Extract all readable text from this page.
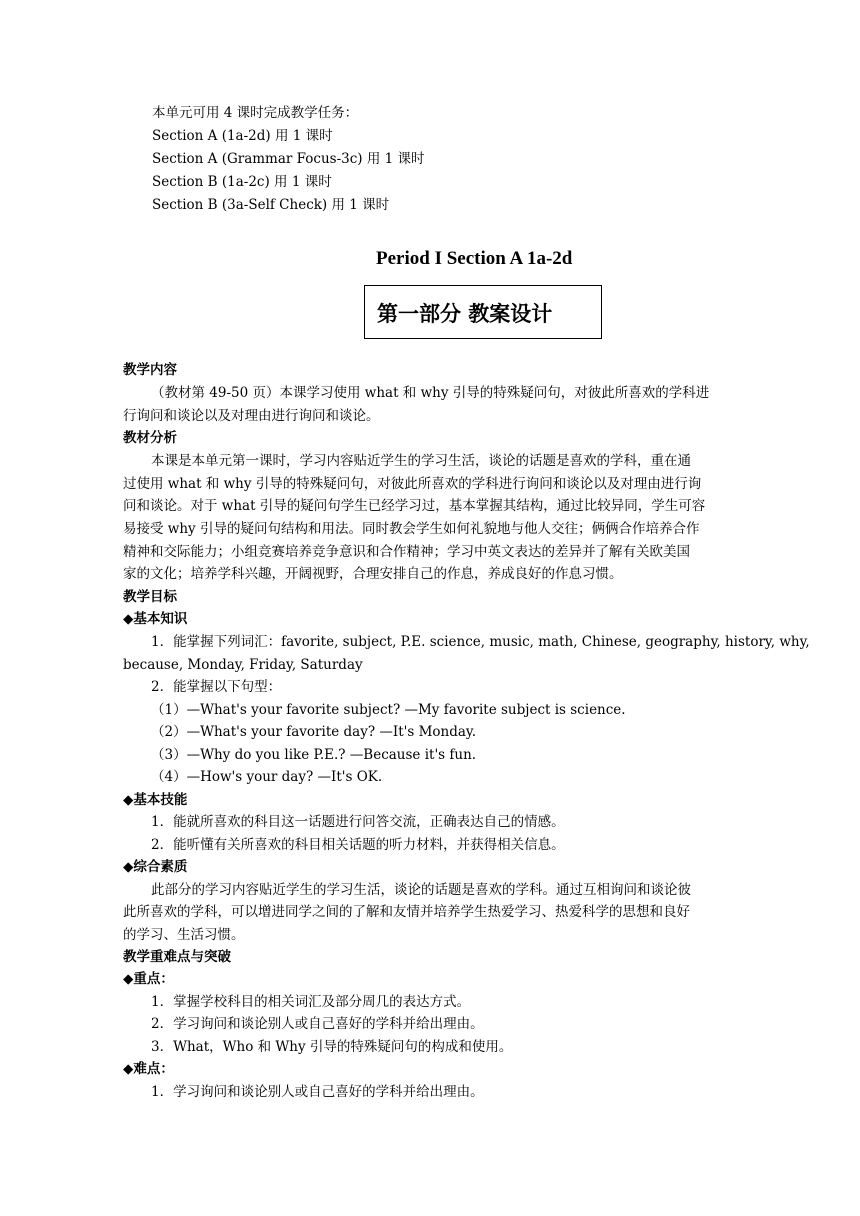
本单元可用 4 课时完成教学任务：
Section A (1a-2d) 用 1 课时
Section A (Grammar Focus-3c) 用 1 课时
Section B (1a-2c) 用 1 课时
Section B (3a-Self Check) 用 1 课时
Period I Section A 1a-2d
第一部分 教案设计
教学内容
（教材第 49-50 页）本课学习使用 what 和 why 引导的特殊疑问句，对彼此所喜欢的学科进
行询问和谈论以及对理由进行询问和谈论。
教材分析
本课是本单元第一课时，学习内容贴近学生的学习生活，谈论的话题是喜欢的学科，重在通
过使用 what 和 why 引导的特殊疑问句，对彼此所喜欢的学科进行询问和谈论以及对理由进行询
问和谈论。对于 what 引导的疑问句学生已经学习过，基本掌握其结构，通过比较异同，学生可容
易接受 why 引导的疑问句结构和用法。同时教会学生如何礼貌地与他人交往；俩俩合作培养合作
精神和交际能力；小组竞赛培养竞争意识和合作精神；学习中英文表达的差异并了解有关欧美国
家的文化；培养学科兴趣，开阔视野，合理安排自己的作息，养成良好的作息习惯。
教学目标
◆基本知识
1．能掌握下列词汇：favorite, subject, P.E. science, music, math, Chinese, geography, history, why,
because, Monday, Friday, Saturday
2．能掌握以下句型：
（1）—What's your favorite subject? —My favorite subject is science.
（2）—What's your favorite day? —It's Monday.
（3）—Why do you like P.E.? —Because it's fun.
（4）—How's your day? —It's OK.
◆基本技能
1．能就所喜欢的科目这一话题进行问答交流，正确表达自己的情感。
2．能听懂有关所喜欢的科目相关话题的听力材料，并获得相关信息。
◆综合素质
此部分的学习内容贴近学生的学习生活，谈论的话题是喜欢的学科。通过互相询问和谈论彼
此所喜欢的学科，可以增进同学之间的了解和友情并培养学生热爱学习、热爱科学的思想和良好
的学习、生活习惯。
教学重难点与突破
◆重点：
1．掌握学校科目的相关词汇及部分周几的表达方式。
2．学习询问和谈论别人或自己喜好的学科并给出理由。
3．What，Who 和 Why 引导的特殊疑问句的构成和使用。
◆难点：
1．学习询问和谈论别人或自己喜好的学科并给出理由。
